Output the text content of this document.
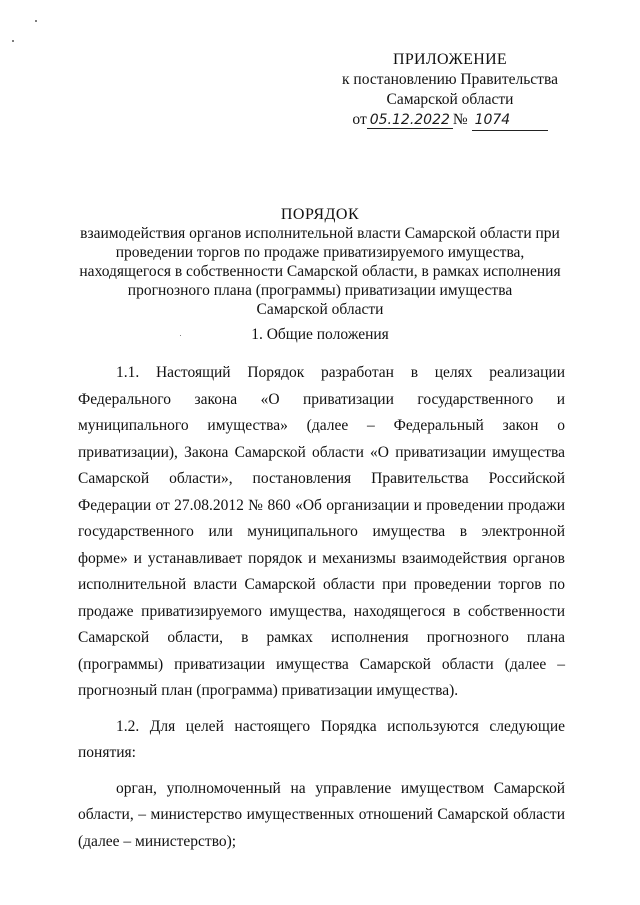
ПРИЛОЖЕНИЕ
к постановлению Правительства
Самарской области
от 05.12.2022 № 1074
ПОРЯДОК
взаимодействия органов исполнительной власти Самарской области при
проведении торгов по продаже приватизируемого имущества,
находящегося в собственности Самарской области, в рамках исполнения
прогнозного плана (программы) приватизации имущества
Самарской области
1. Общие положения

1.1. Настоящий Порядок разработан в целях реализации Федерального закона «О приватизации государственного и муниципального имущества» (далее – Федеральный закон о приватизации), Закона Самарской области «О приватизации имущества Самарской области», постановления Правительства Российской Федерации от 27.08.2012 № 860 «Об организации и проведении продажи государственного или муниципального имущества в электронной форме» и устанавливает порядок и механизмы взаимодействия органов исполнительной власти Самарской области при проведении торгов по продаже приватизируемого имущества, находящегося в собственности Самарской области, в рамках исполнения прогнозного плана (программы) приватизации имущества Самарской области (далее – прогнозный план (программа) приватизации имущества).

1.2. Для целей настоящего Порядка используются следующие понятия:

орган, уполномоченный на управление имуществом Самарской области, – министерство имущественных отношений Самарской области (далее – министерство);
